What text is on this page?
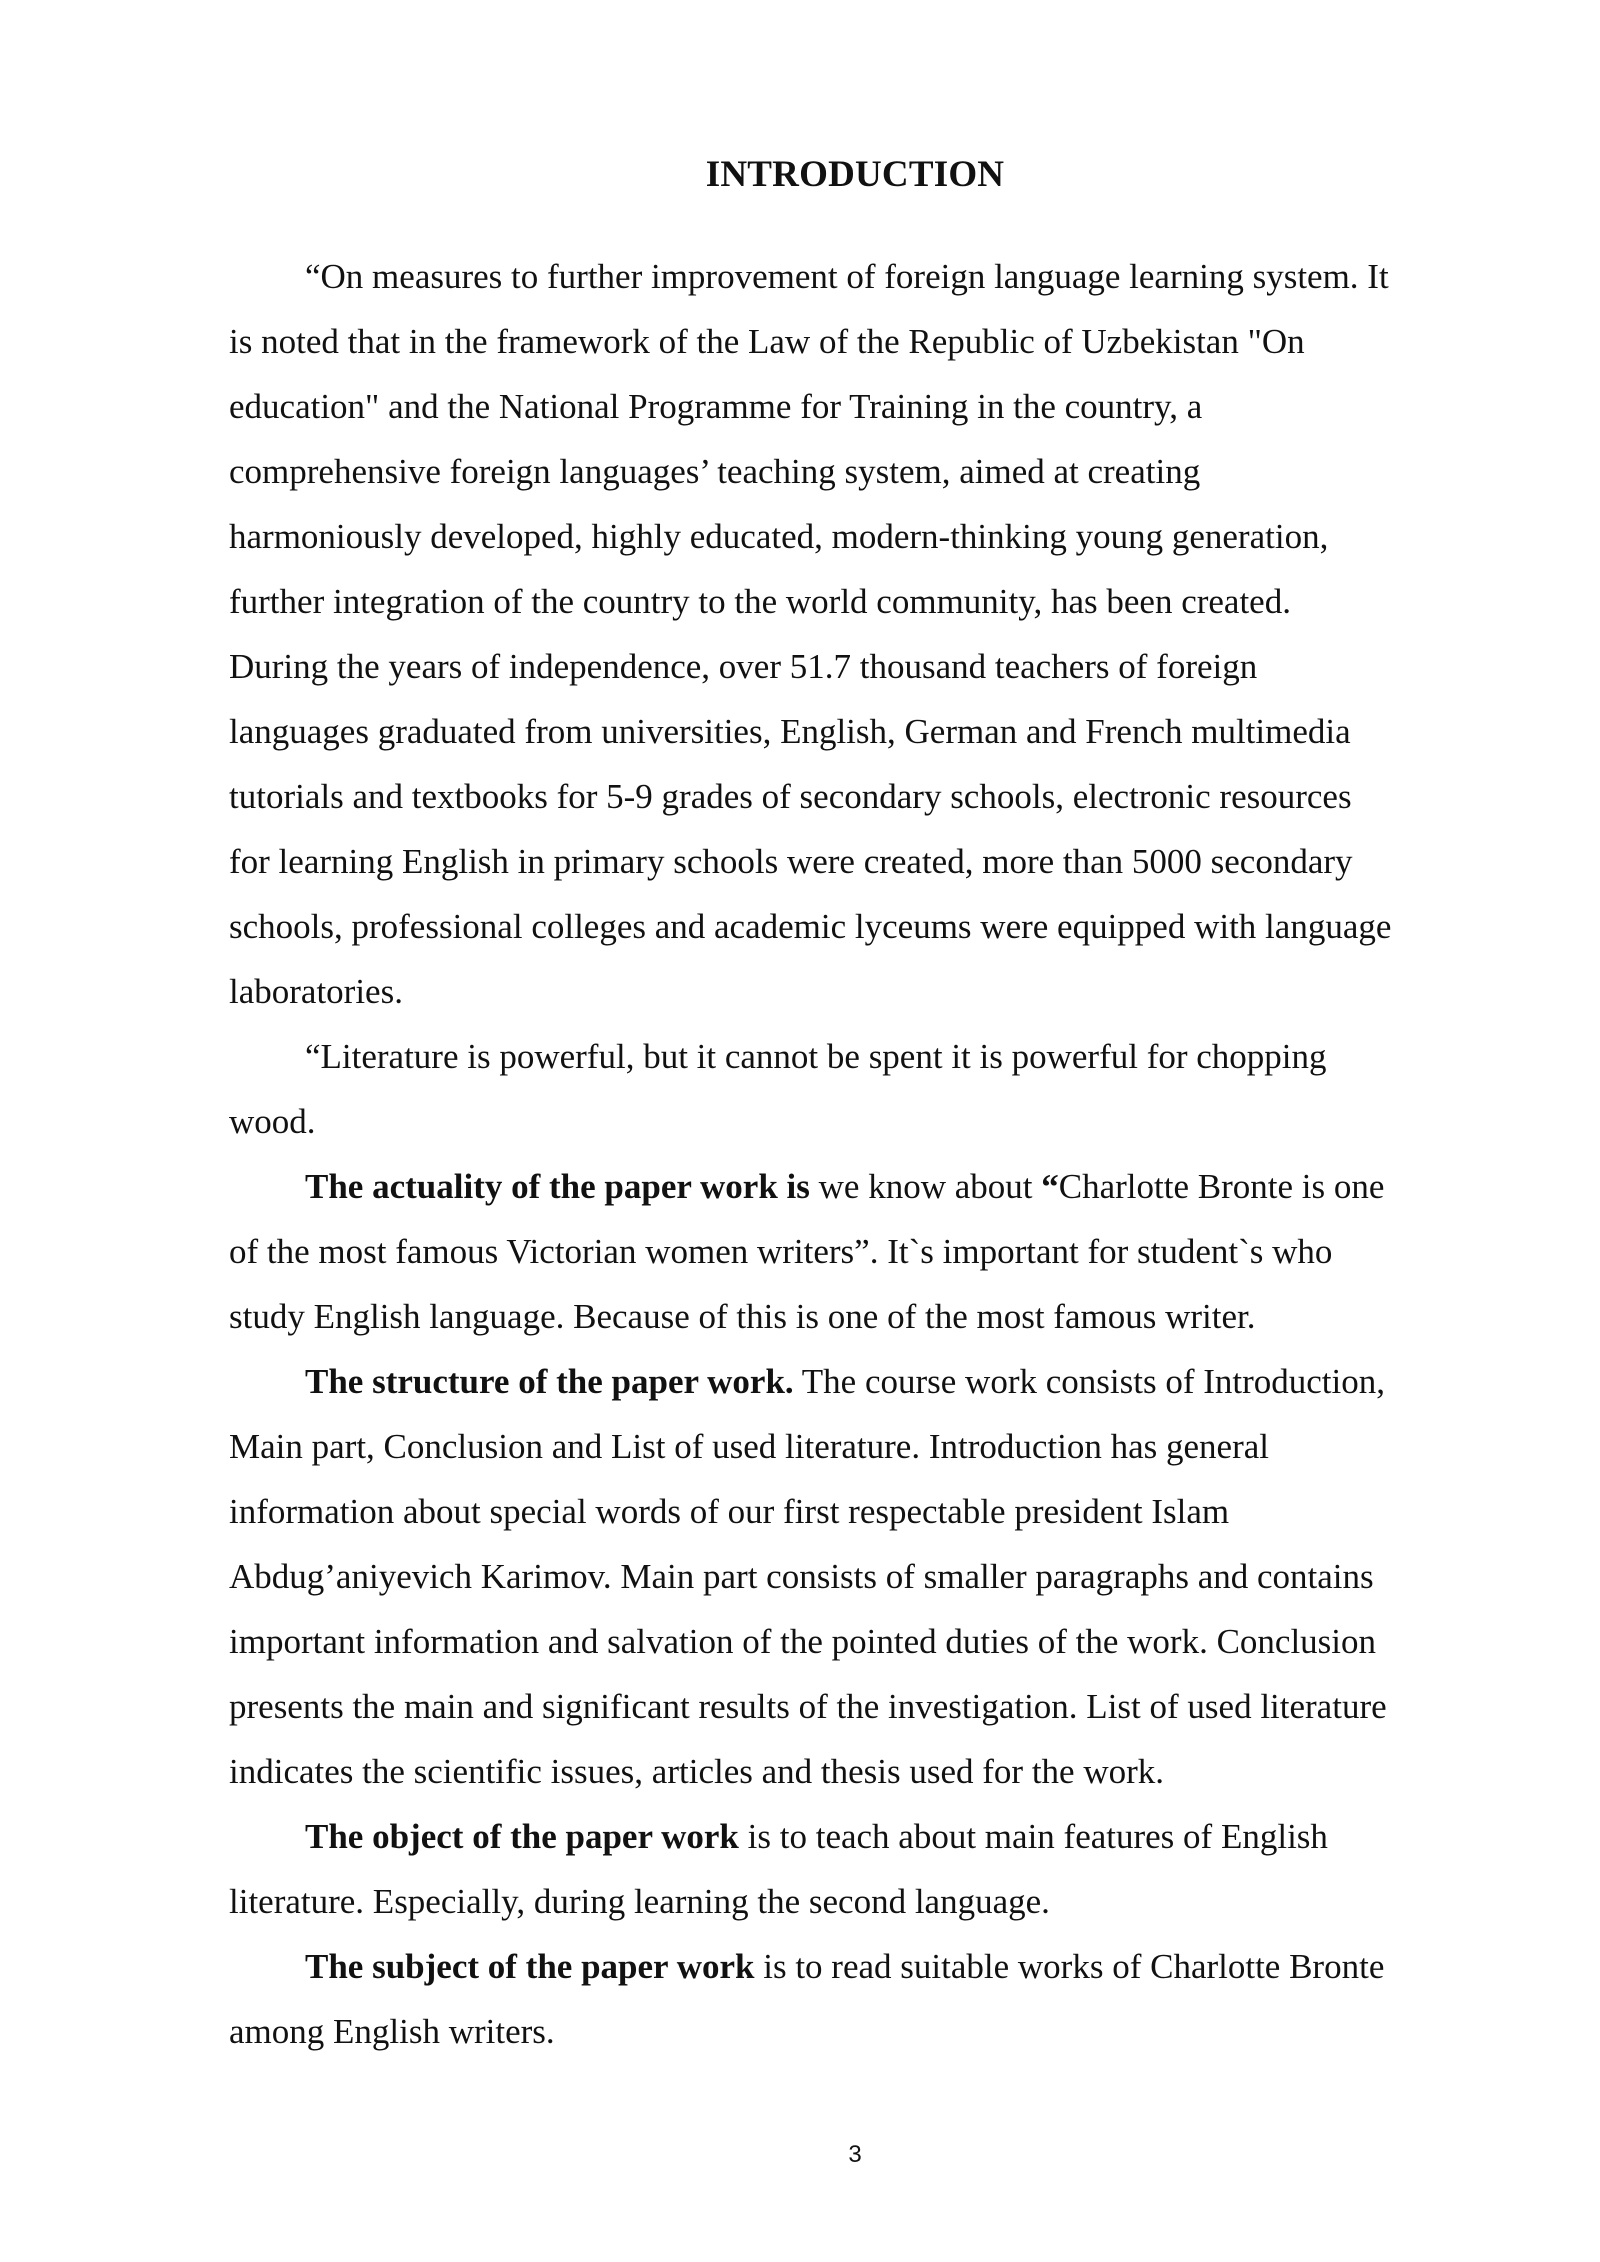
INTRODUCTION

“On measures to further improvement of foreign language learning system. It
is noted that in the framework of the Law of the Republic of Uzbekistan "On
education" and the National Programme for Training in the country, a
comprehensive foreign languages’ teaching system, aimed at creating
harmoniously developed, highly educated, modern-thinking young generation,
further integration of the country to the world community, has been created.
During the years of independence, over 51.7 thousand teachers of foreign
languages graduated from universities, English, German and French multimedia
tutorials and textbooks for 5-9 grades of secondary schools, electronic resources
for learning English in primary schools were created, more than 5000 secondary
schools, professional colleges and academic lyceums were equipped with language
laboratories.

“Literature is powerful, but it cannot be spent it is powerful for chopping
wood.

The actuality of the paper work is we know about “Charlotte Bronte is one
of the most famous Victorian women writers”. It`s important for student`s who
study English language. Because of this is one of the most famous writer.

The structure of the paper work. The course work consists of Introduction,
Main part, Conclusion and List of used literature. Introduction has general
information about special words of our first respectable president Islam
Abdug’aniyevich Karimov. Main part consists of smaller paragraphs and contains
important information and salvation of the pointed duties of the work. Conclusion
presents the main and significant results of the investigation. List of used literature
indicates the scientific issues, articles and thesis used for the work.

The object of the paper work is to teach about main features of English
literature. Especially, during learning the second language.

The subject of the paper work is to read suitable works of Charlotte Bronte
among English writers.

3
